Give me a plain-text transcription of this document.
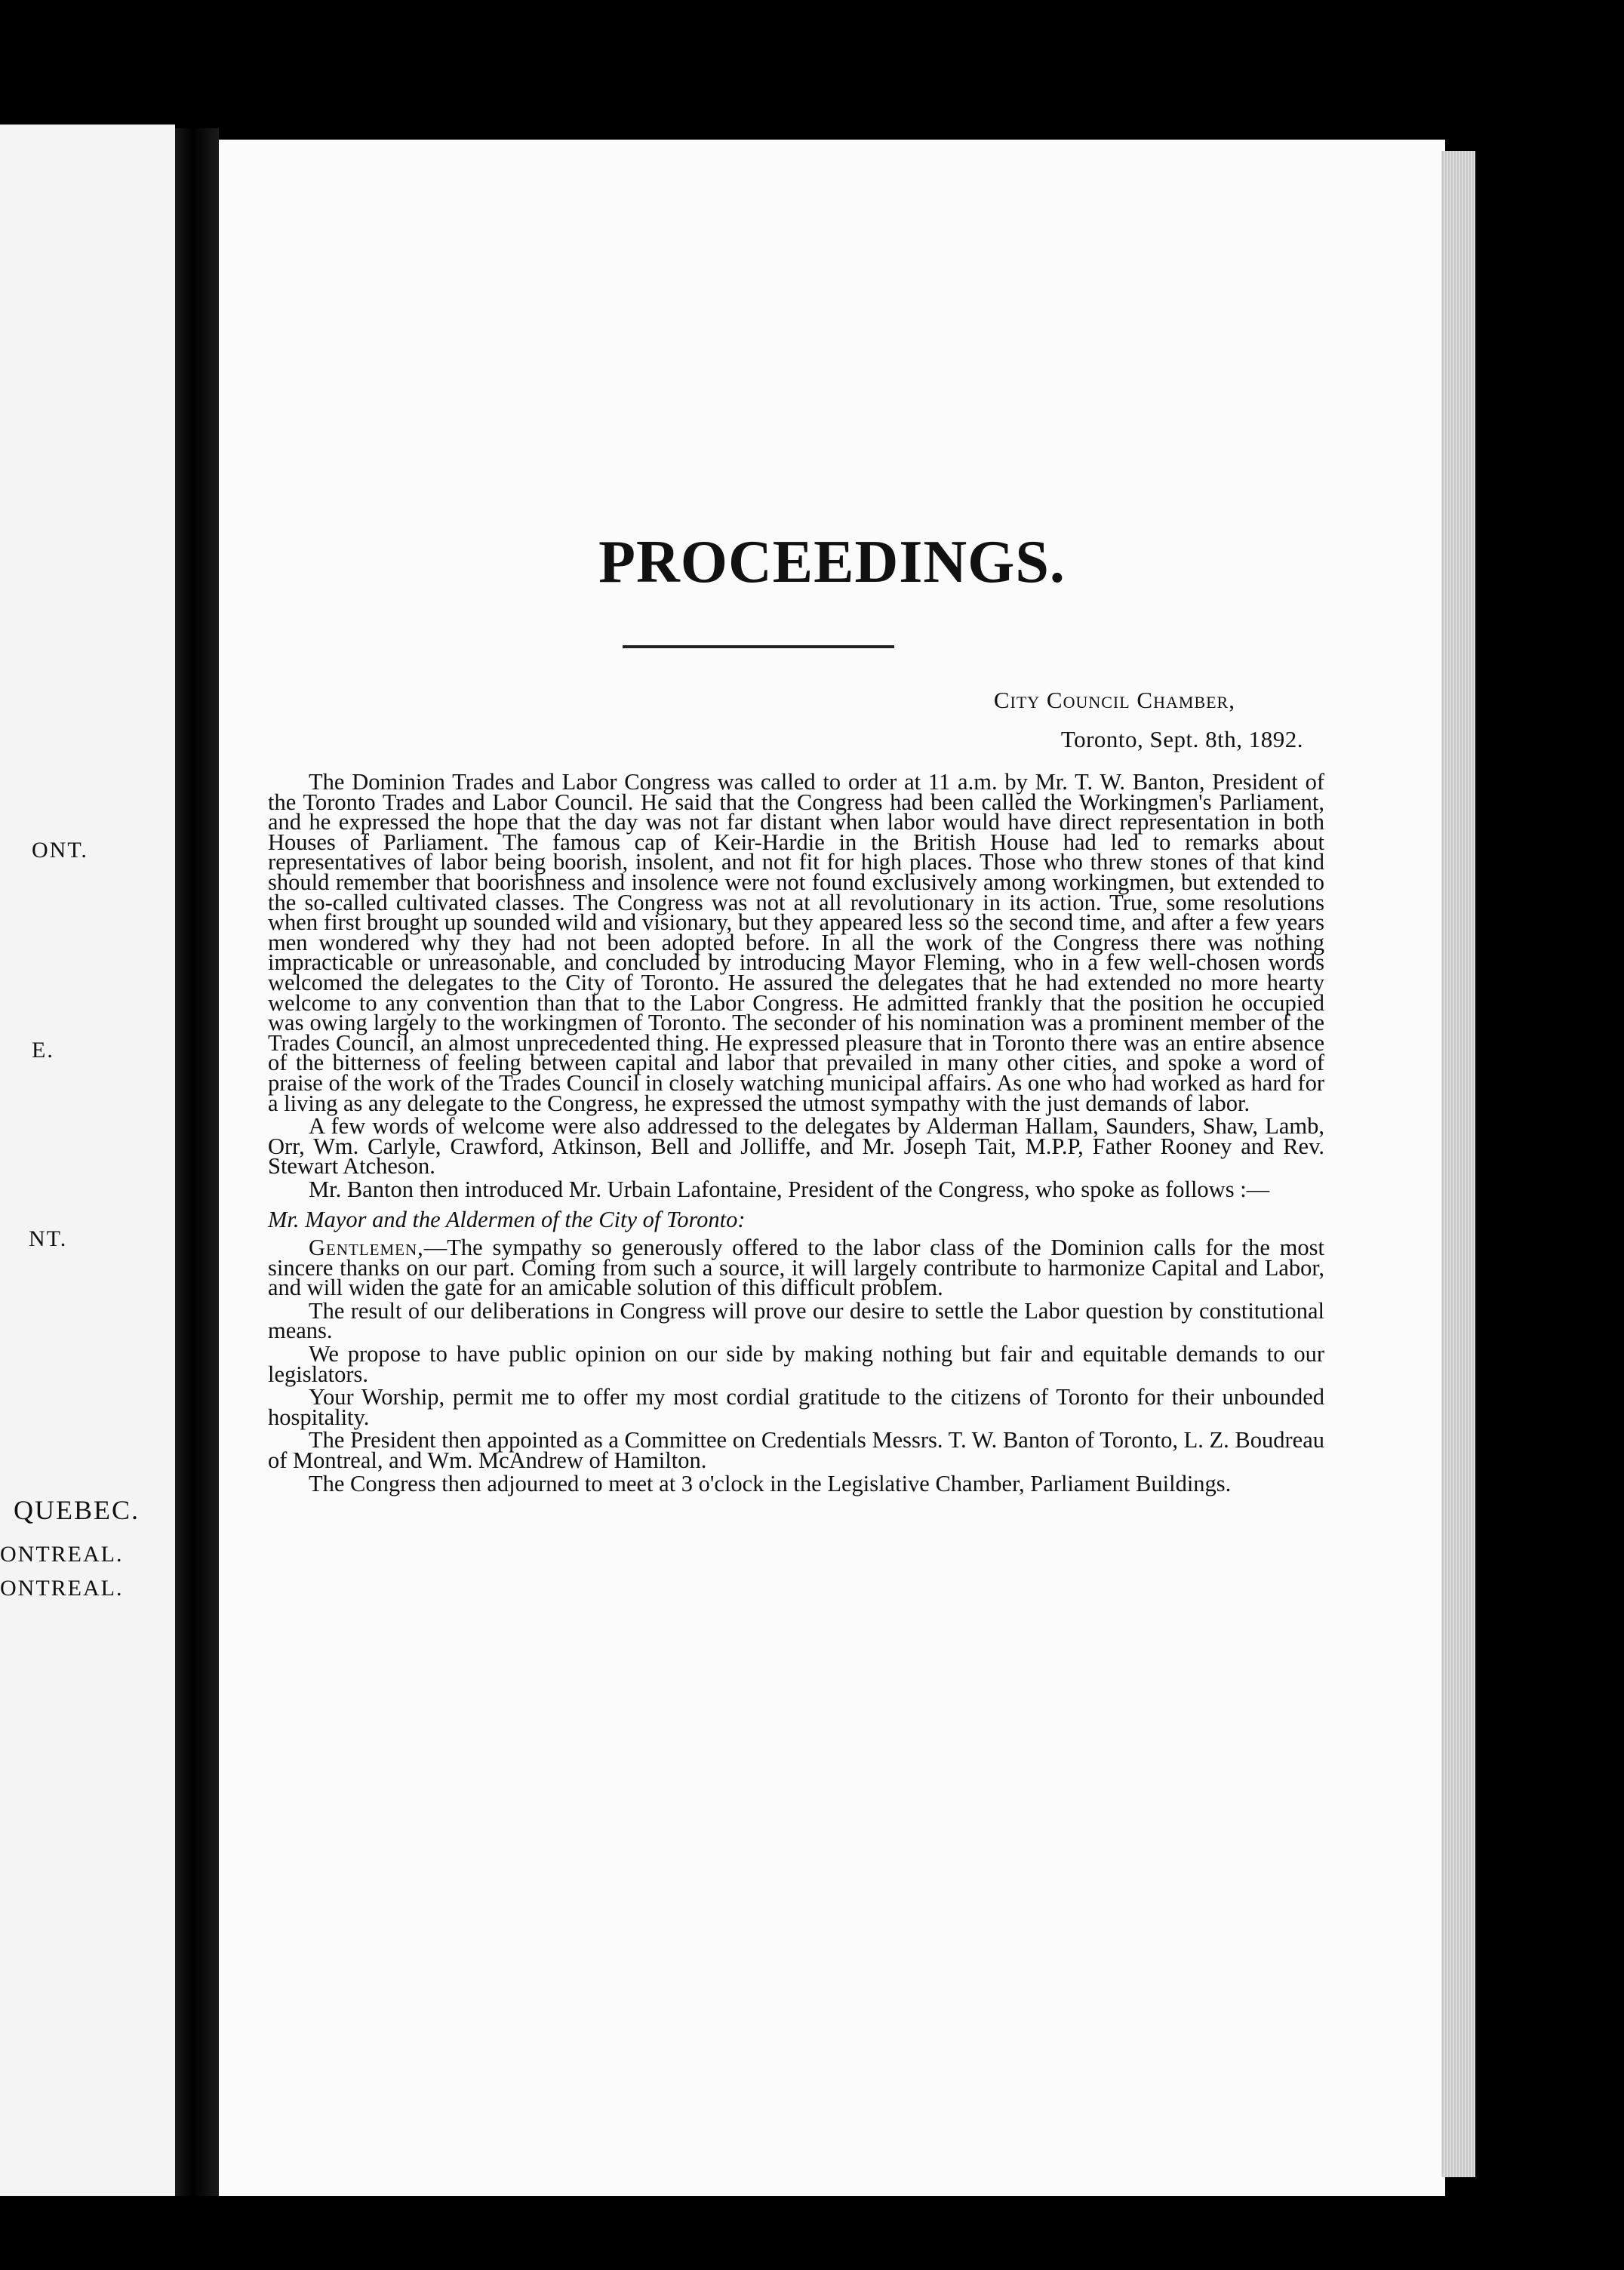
ONT.
E.
NT.
QUEBEC.
ONTREAL.
ONTREAL.
PROCEEDINGS.
City Council Chamber,
Toronto, Sept. 8th, 1892.

The Dominion Trades and Labor Congress was called to order at 11 a.m. by Mr. T. W. Banton, President of the Toronto Trades and Labor Council. He said that the Congress had been called the Workingmen's Parliament, and he expressed the hope that the day was not far distant when labor would have direct representation in both Houses of Parliament. The famous cap of Keir-Hardie in the British House had led to remarks about representatives of labor being boorish, insolent, and not fit for high places. Those who threw stones of that kind should remember that boorishness and insolence were not found exclusively among workingmen, but extended to the so-called cultivated classes. The Congress was not at all revolutionary in its action. True, some resolutions when first brought up sounded wild and visionary, but they appeared less so the second time, and after a few years men wondered why they had not been adopted before. In all the work of the Congress there was nothing impracticable or unreasonable, and concluded by introducing Mayor Fleming, who in a few well-chosen words welcomed the delegates to the City of Toronto. He assured the delegates that he had extended no more hearty welcome to any convention than that to the Labor Congress. He admitted frankly that the position he occupied was owing largely to the workingmen of Toronto. The seconder of his nomination was a prominent member of the Trades Council, an almost unprecedented thing. He expressed pleasure that in Toronto there was an entire absence of the bitterness of feeling between capital and labor that prevailed in many other cities, and spoke a word of praise of the work of the Trades Council in closely watching municipal affairs. As one who had worked as hard for a living as any delegate to the Congress, he expressed the utmost sympathy with the just demands of labor.

A few words of welcome were also addressed to the delegates by Alderman Hallam, Saunders, Shaw, Lamb, Orr, Wm. Carlyle, Crawford, Atkinson, Bell and Jolliffe, and Mr. Joseph Tait, M.P.P, Father Rooney and Rev. Stewart Atcheson.

Mr. Banton then introduced Mr. Urbain Lafontaine, President of the Congress, who spoke as follows :—

Mr. Mayor and the Aldermen of the City of Toronto:

Gentlemen,—The sympathy so generously offered to the labor class of the Dominion calls for the most sincere thanks on our part. Coming from such a source, it will largely contribute to harmonize Capital and Labor, and will widen the gate for an amicable solution of this difficult problem.

The result of our deliberations in Congress will prove our desire to settle the Labor question by constitutional means.

We propose to have public opinion on our side by making nothing but fair and equitable demands to our legislators.

Your Worship, permit me to offer my most cordial gratitude to the citizens of Toronto for their unbounded hospitality.

The President then appointed as a Committee on Credentials Messrs. T. W. Banton of Toronto, L. Z. Boudreau of Montreal, and Wm. McAndrew of Hamilton.

The Congress then adjourned to meet at 3 o'clock in the Legislative Chamber, Parliament Buildings.
